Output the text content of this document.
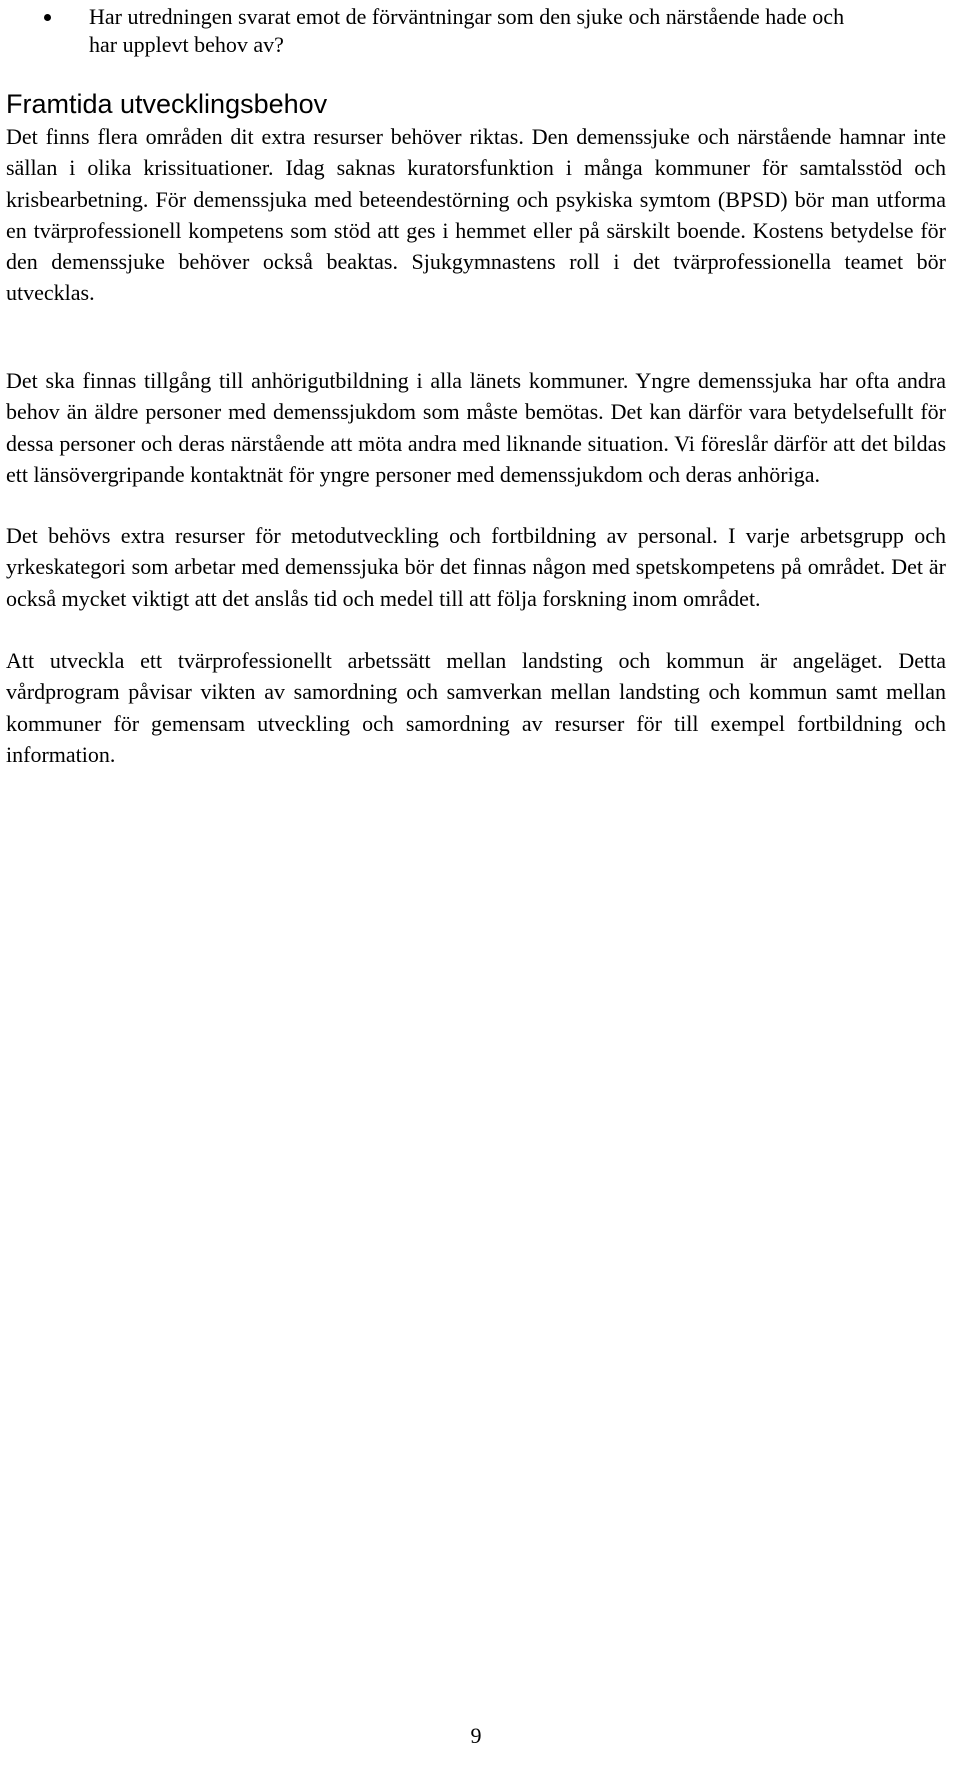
Har utredningen svarat emot de förväntningar som den sjuke och närstående hade och har upplevt behov av?
Framtida utvecklingsbehov

Det finns flera områden dit extra resurser behöver riktas. Den demenssjuke och närstående hamnar inte sällan i olika krissituationer. Idag saknas kuratorsfunktion i många kommuner för samtalsstöd och krisbearbetning. För demenssjuka med beteendestörning och psykiska symtom (BPSD) bör man utforma en tvärprofessionell kompetens som stöd att ges i hemmet eller på särskilt boende. Kostens betydelse för den demenssjuke behöver också beaktas. Sjukgymnastens roll i det tvärprofessionella teamet bör utvecklas.

Det ska finnas tillgång till anhörigutbildning i alla länets kommuner. Yngre demenssjuka har ofta andra behov än äldre personer med demenssjukdom som måste bemötas. Det kan därför vara betydelsefullt för dessa personer och deras närstående att möta andra med liknande situation. Vi föreslår därför att det bildas ett länsövergripande kontaktnät för yngre personer med demenssjukdom och deras anhöriga.

Det behövs extra resurser för metodutveckling och fortbildning av personal. I varje arbetsgrupp och yrkeskategori som arbetar med demenssjuka bör det finnas någon med spetskompetens på området. Det är också mycket viktigt att det anslås tid och medel till att följa forskning inom området.

Att utveckla ett tvärprofessionellt arbetssätt mellan landsting och kommun är angeläget. Detta vårdprogram påvisar vikten av samordning och samverkan mellan landsting och kommun samt mellan kommuner för gemensam utveckling och samordning av resurser för till exempel fortbildning och information.

9
